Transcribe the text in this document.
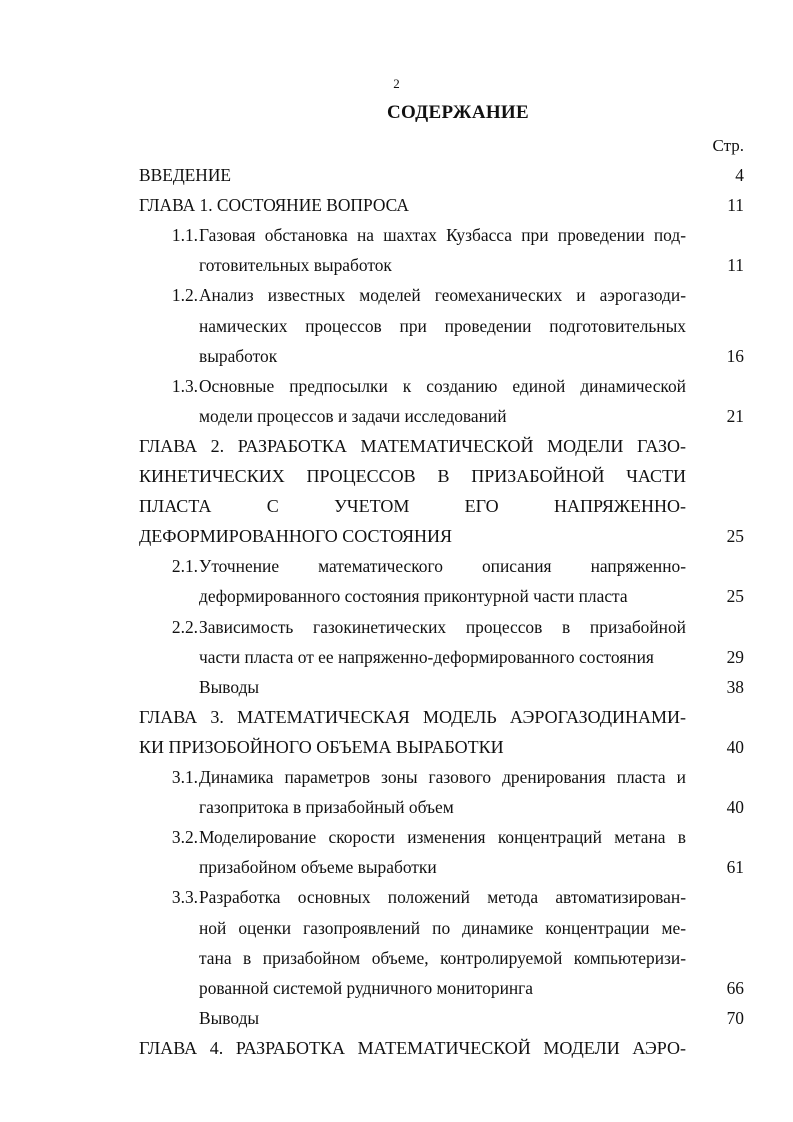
2
СОДЕРЖАНИЕ
Стр.
ВВЕДЕНИЕ	4
ГЛАВА 1. СОСТОЯНИЕ ВОПРОСА	11
1.1. Газовая обстановка на шахтах Кузбасса при проведении под-
готовительных выработок	11
1.2. Анализ известных моделей геомеханических и аэрогазоди-
намических процессов при проведении подготовительных
выработок	16
1.3. Основные предпосылки к созданию единой динамической
модели процессов и задачи исследований	21
ГЛАВА 2. РАЗРАБОТКА МАТЕМАТИЧЕСКОЙ МОДЕЛИ ГАЗО-
КИНЕТИЧЕСКИХ ПРОЦЕССОВ В ПРИЗАБОЙНОЙ ЧАСТИ
ПЛАСТА С УЧЕТОМ ЕГО НАПРЯЖЕННО-
ДЕФОРМИРОВАННОГО СОСТОЯНИЯ	25
2.1. Уточнение математического описания напряженно-
деформированного состояния приконтурной части пласта	25
2.2. Зависимость газокинетических процессов в призабойной
части пласта от ее напряженно-деформированного состояния	29
Выводы	38
ГЛАВА 3. МАТЕМАТИЧЕСКАЯ МОДЕЛЬ АЭРОГАЗОДИНАМИ-
КИ ПРИЗОБОЙНОГО ОБЪЕМА ВЫРАБОТКИ	40
3.1. Динамика параметров зоны газового дренирования пласта и
газопритока в призабойный объем	40
3.2. Моделирование скорости изменения концентраций метана в
призабойном объеме выработки	61
3.3. Разработка основных положений метода автоматизирован-
ной оценки газопроявлений по динамике концентрации ме-
тана в призабойном объеме, контролируемой компьютеризи-
рованной системой рудничного мониторинга	66
Выводы	70
ГЛАВА 4. РАЗРАБОТКА МАТЕМАТИЧЕСКОЙ МОДЕЛИ АЭРО-
